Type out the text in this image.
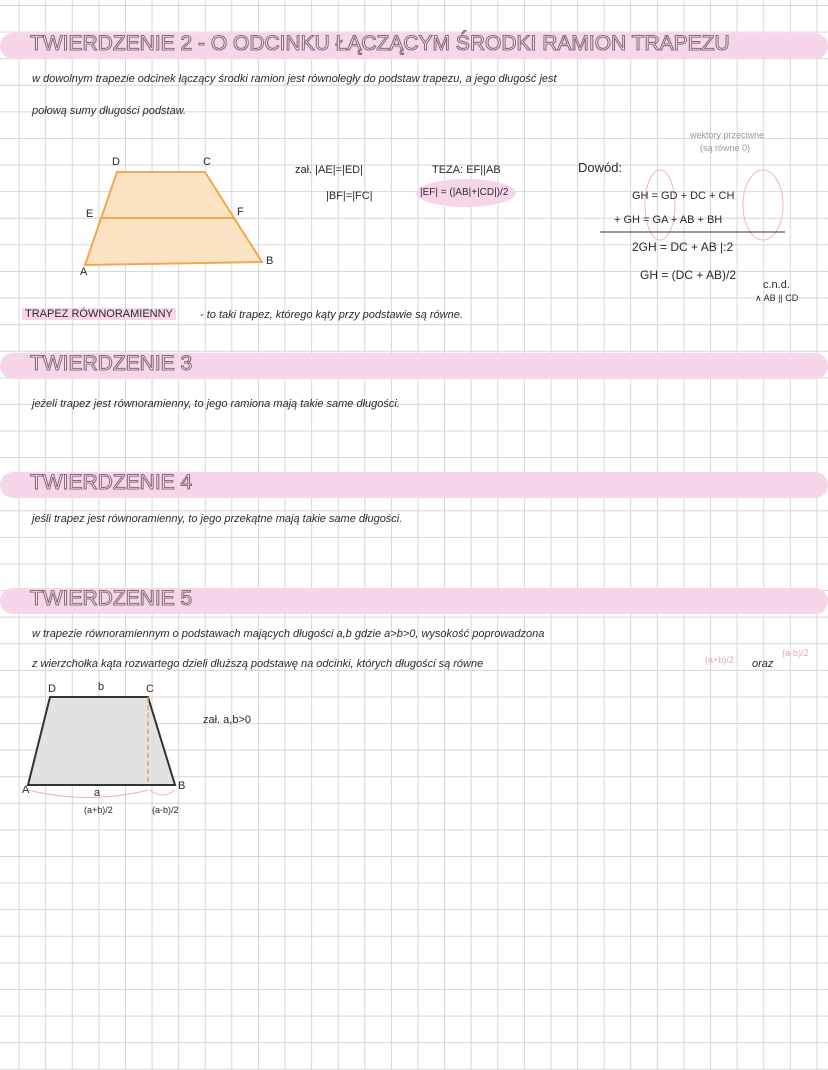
TWIERDZENIE 2 - O ODCINKU ŁĄCZĄCYM ŚRODKI RAMION TRAPEZU
w dowolnym trapezie odcinek łączący środki ramion jest równoległy do podstaw trapezu, a jego długość jest
połową sumy długości podstaw.
D	C
E	F
A
B
zał. |AE|=|ED|
|BF|=|FC|
TEZA: EF||AB
|EF| = (|AB|+|CD|)/2
Dowód:
wektory przeciwne
(są równe 0)
GH = GD + DC + CH
+ GH = GA + AB + BH
2GH = DC + AB |:2
GH = (DC + AB)/2
c.n.d.
∧ AB || CD
TRAPEZ RÓWNORAMIENNY - to taki trapez, którego kąty przy podstawie są równe.
TWIERDZENIE 3
jeżeli trapez jest równoramienny, to jego ramiona mają takie same długości.
TWIERDZENIE 4
jeśli trapez jest równoramienny, to jego przekątne mają takie same długości.
TWIERDZENIE 5
w trapezie równoramiennym o podstawach mających długości a,b gdzie a>b>0, wysokość poprowadzona
z wierzchołka kąta rozwartego dzieli dłuższą podstawę na odcinki, których długości są równe	(a+b)/2 oraz
(a-b)/2
D	b	C
A	B
a
(a+b)/2	(a-b)/2
zał. a,b>0
